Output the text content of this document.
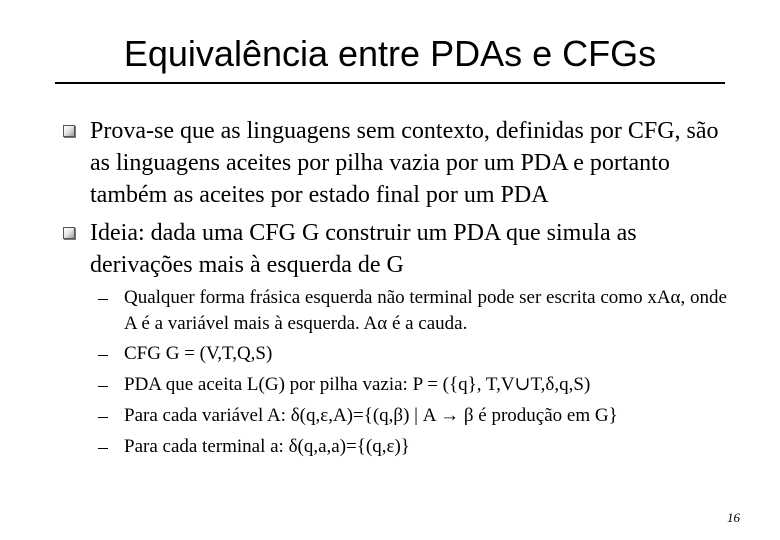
Equivalência entre PDAs e CFGs
Prova-se que as linguagens sem contexto, definidas por CFG, são as linguagens aceites por pilha vazia por um PDA e portanto também as aceites por estado final por um PDA
Ideia: dada uma CFG G construir um PDA que simula as derivações mais à esquerda de G
Qualquer forma frásica esquerda não terminal pode ser escrita como xAα, onde A é a variável mais à esquerda. Aα é a cauda.
CFG G = (V,T,Q,S)
PDA que aceita L(G) por pilha vazia: P = ({q}, T,V∪T,δ,q,S)
Para cada variável A: δ(q,ε,A)={(q,β) | A → β é produção em G}
Para cada terminal a: δ(q,a,a)={(q,ε)}
16
